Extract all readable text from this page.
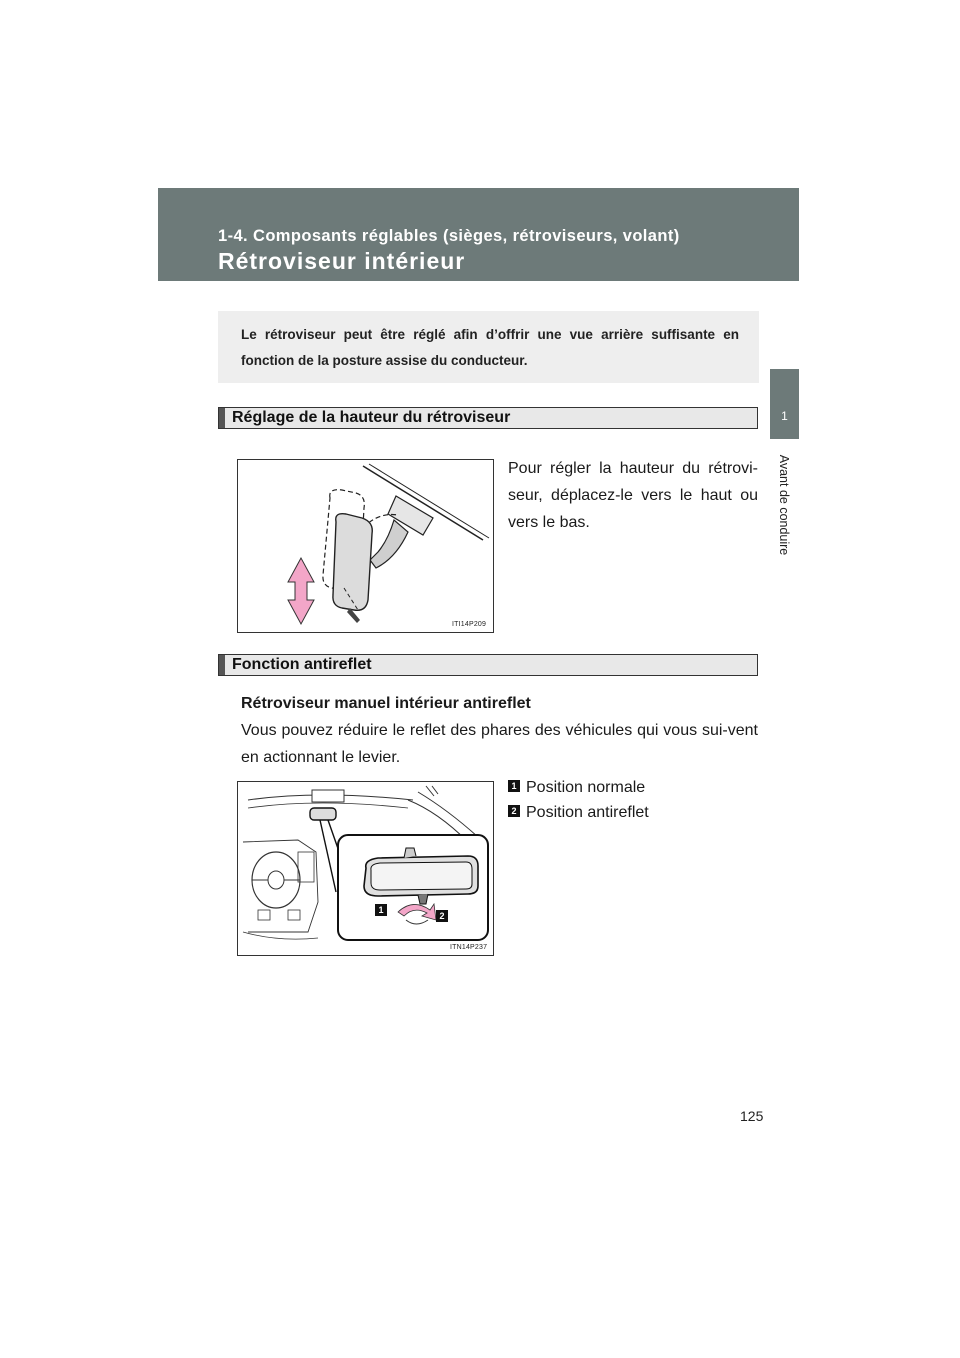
1-4. Composants réglables (sièges, rétroviseurs, volant)
Rétroviseur intérieur
1
Avant de conduire
Le rétroviseur peut être réglé afin d’offrir une vue arrière suffisante en fonction de la posture assise du conducteur.
Réglage de la hauteur du rétroviseur
ITI14P209
Pour régler la hauteur du rétrovi-seur, déplacez-le vers le haut ou vers le bas.
Fonction antireflet
Rétroviseur manuel intérieur antireflet
Vous pouvez réduire le reflet des phares des véhicules qui vous sui-vent en actionnant le levier.
1
2
ITN14P237
1 Position normale
2 Position antireflet
125
